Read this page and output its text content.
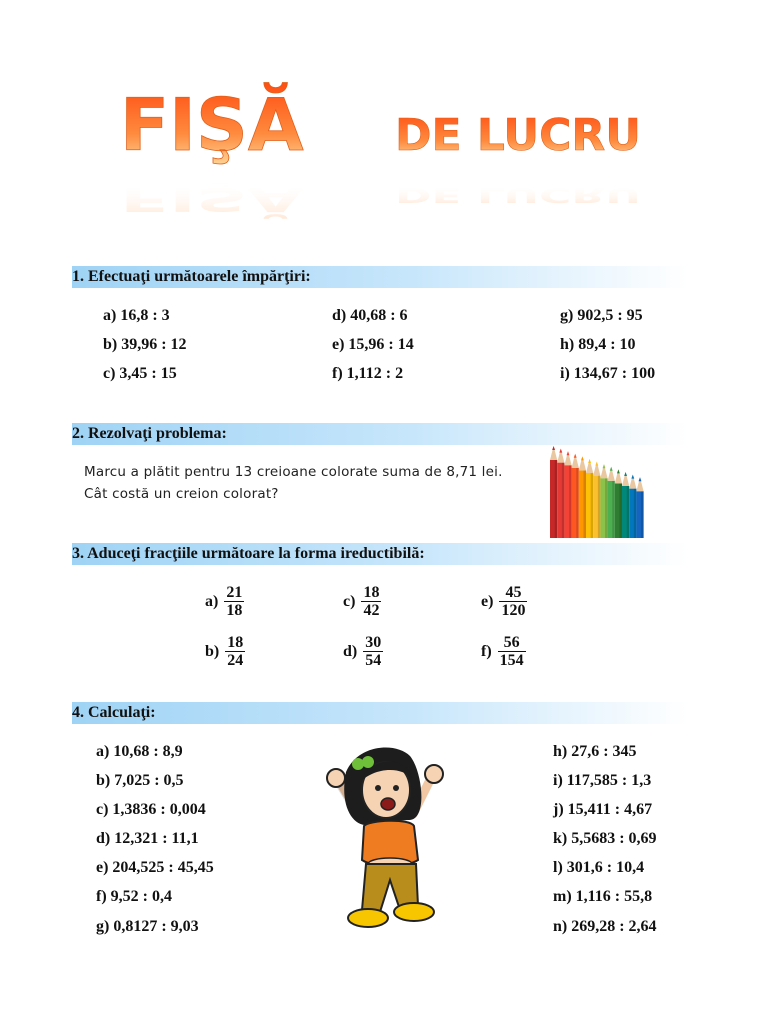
FIŞĂ DE LUCRU
FIŞĂ DE LUCRU
1. Efectuaţi următoarele împărţiri:
a) 16,8 : 3
b) 39,96 : 12
c) 3,45 : 15
d) 40,68 : 6
e) 15,96 : 14
f) 1,112 : 2
g) 902,5 : 95
h) 89,4 : 10
i) 134,67 : 100
2. Rezolvaţi problema:
Marcu a plătit pentru 13 creioane colorate suma de 8,71 lei.
Cât costă un creion colorat?
3. Aduceţi fracţiile următoare la forma ireductibilă:
$a) \frac{21}{18}$
$b) \frac{18}{24}$
$c) \frac{18}{42}$
$d) \frac{30}{54}$
$e) \frac{45}{120}$
$f) \frac{56}{154}$
4. Calculaţi:
a) 10,68 : 8,9
b) 7,025 : 0,5
c) 1,3836 : 0,004
d) 12,321 : 11,1
e) 204,525 : 45,45
f) 9,52 : 0,4
g) 0,8127 : 9,03
h) 27,6 : 345
i) 117,585 : 1,3
j) 15,411 : 4,67
k) 5,5683 : 0,69
l) 301,6 : 10,4
m) 1,116 : 55,8
n) 269,28 : 2,64
